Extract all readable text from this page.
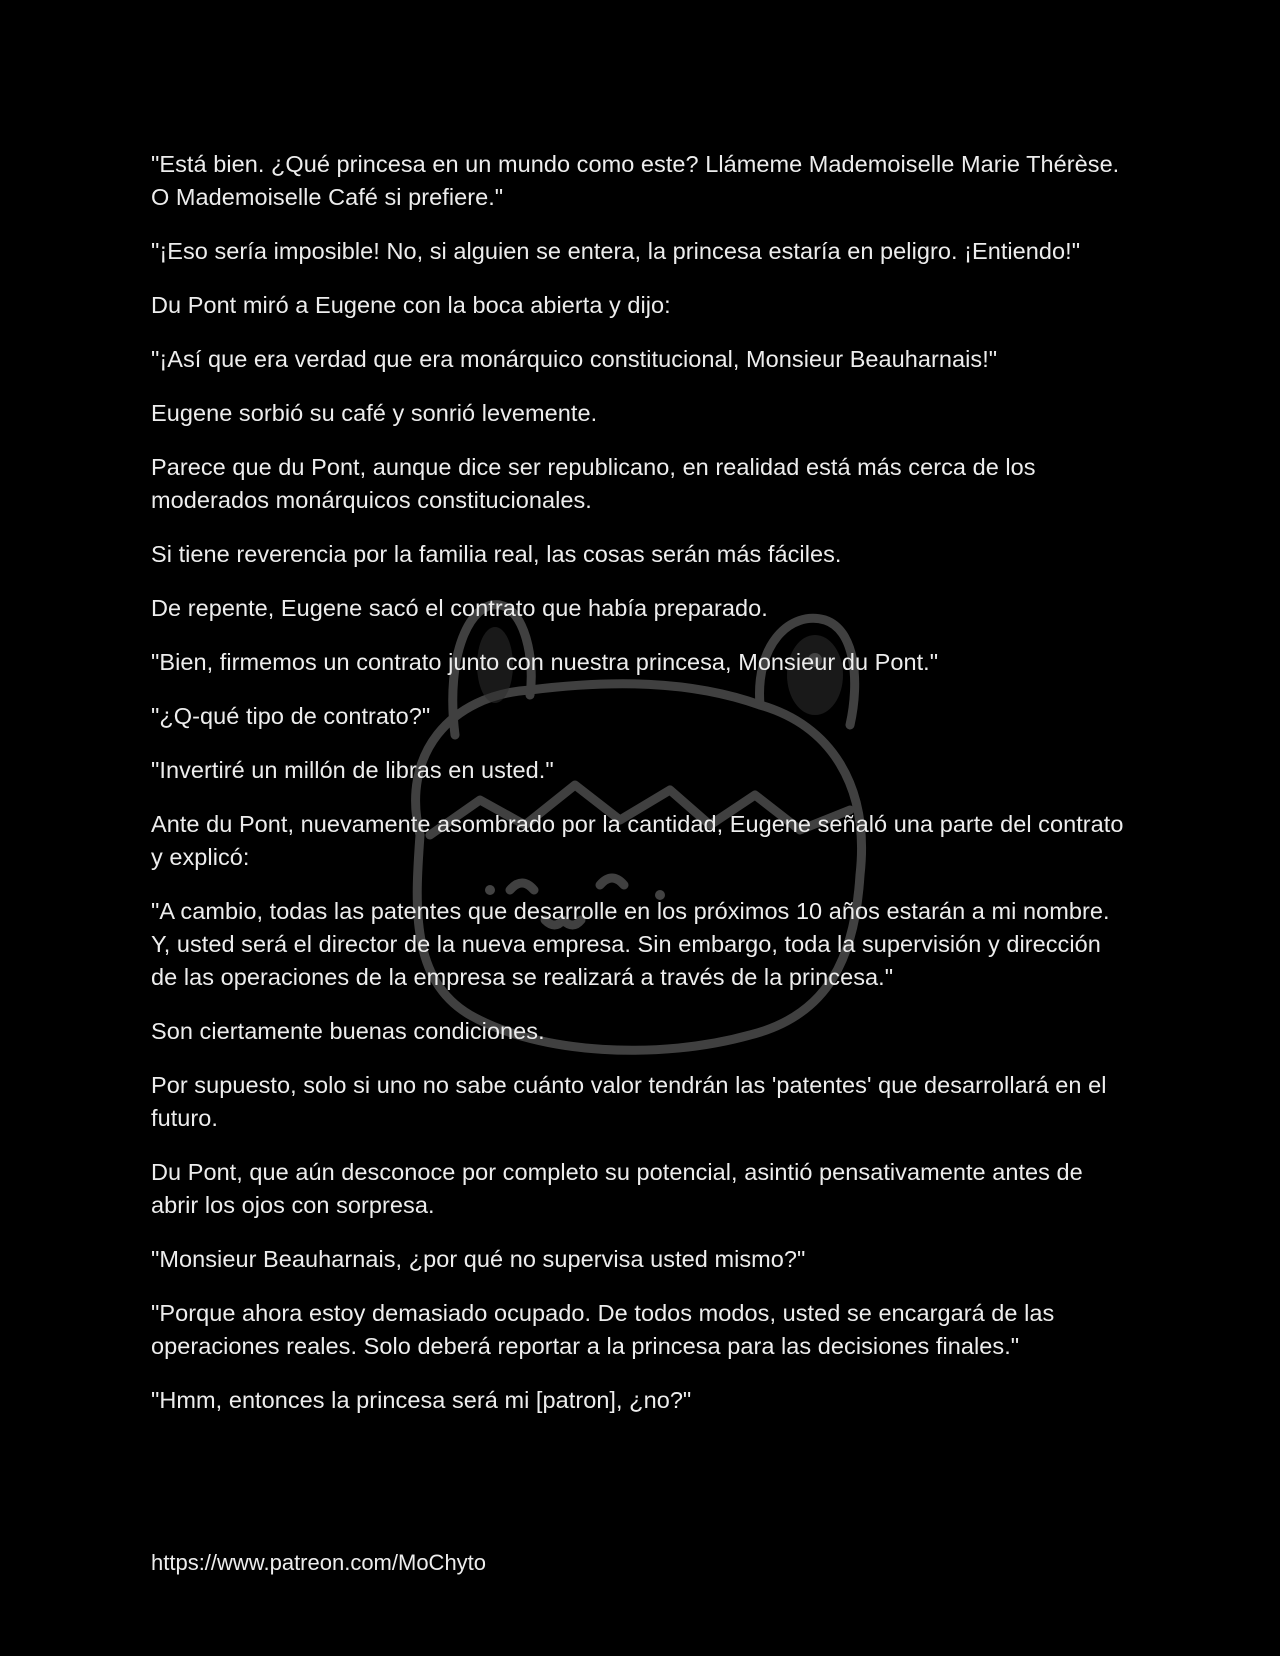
"Está bien. ¿Qué princesa en un mundo como este? Llámeme Mademoiselle Marie Thérèse. O Mademoiselle Café si prefiere."

"¡Eso sería imposible! No, si alguien se entera, la princesa estaría en peligro. ¡Entiendo!"

Du Pont miró a Eugene con la boca abierta y dijo:

"¡Así que era verdad que era monárquico constitucional, Monsieur Beauharnais!"

Eugene sorbió su café y sonrió levemente.

Parece que du Pont, aunque dice ser republicano, en realidad está más cerca de los moderados monárquicos constitucionales.

Si tiene reverencia por la familia real, las cosas serán más fáciles.

De repente, Eugene sacó el contrato que había preparado.

"Bien, firmemos un contrato junto con nuestra princesa, Monsieur du Pont."

"¿Q-qué tipo de contrato?"

"Invertiré un millón de libras en usted."

Ante du Pont, nuevamente asombrado por la cantidad, Eugene señaló una parte del contrato y explicó:

"A cambio, todas las patentes que desarrolle en los próximos 10 años estarán a mi nombre. Y, usted será el director de la nueva empresa. Sin embargo, toda la supervisión y dirección de las operaciones de la empresa se realizará a través de la princesa."

Son ciertamente buenas condiciones.

Por supuesto, solo si uno no sabe cuánto valor tendrán las 'patentes' que desarrollará en el futuro.

Du Pont, que aún desconoce por completo su potencial, asintió pensativamente antes de abrir los ojos con sorpresa.

"Monsieur Beauharnais, ¿por qué no supervisa usted mismo?"

"Porque ahora estoy demasiado ocupado. De todos modos, usted se encargará de las operaciones reales. Solo deberá reportar a la princesa para las decisiones finales."

"Hmm, entonces la princesa será mi [patron], ¿no?"

https://www.patreon.com/MoChyto
